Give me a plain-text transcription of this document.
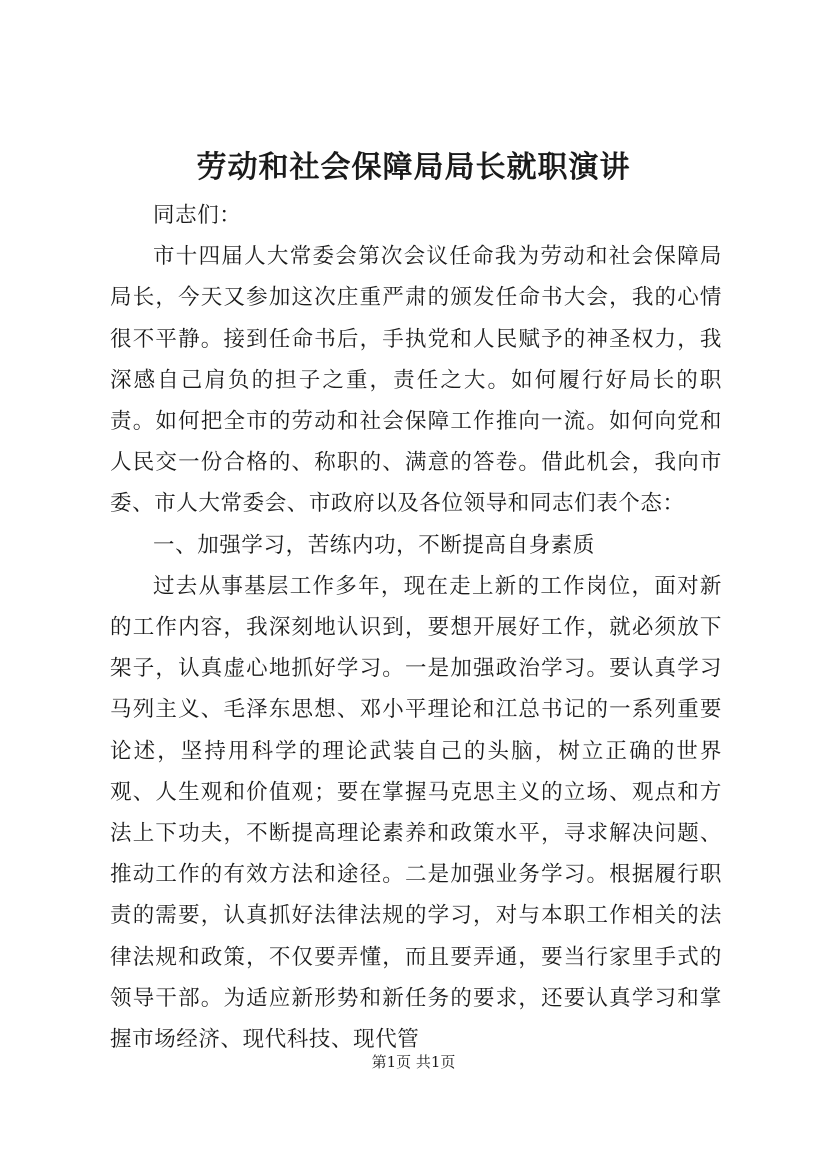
劳动和社会保障局局长就职演讲

同志们：

市十四届人大常委会第次会议任命我为劳动和社会保障局局长，今天又参加这次庄重严肃的颁发任命书大会，我的心情很不平静。接到任命书后，手执党和人民赋予的神圣权力，我深感自己肩负的担子之重，责任之大。如何履行好局长的职责。如何把全市的劳动和社会保障工作推向一流。如何向党和人民交一份合格的、称职的、满意的答卷。借此机会，我向市委、市人大常委会、市政府以及各位领导和同志们表个态：

一、加强学习，苦练内功，不断提高自身素质

过去从事基层工作多年，现在走上新的工作岗位，面对新的工作内容，我深刻地认识到，要想开展好工作，就必须放下架子，认真虚心地抓好学习。一是加强政治学习。要认真学习马列主义、毛泽东思想、邓小平理论和江总书记的一系列重要论述，坚持用科学的理论武装自己的头脑，树立正确的世界观、人生观和价值观；要在掌握马克思主义的立场、观点和方法上下功夫，不断提高理论素养和政策水平，寻求解决问题、推动工作的有效方法和途径。二是加强业务学习。根据履行职责的需要，认真抓好法律法规的学习，对与本职工作相关的法律法规和政策，不仅要弄懂，而且要弄通，要当行家里手式的领导干部。为适应新形势和新任务的要求，还要认真学习和掌握市场经济、现代科技、现代管

第1页 共1页
